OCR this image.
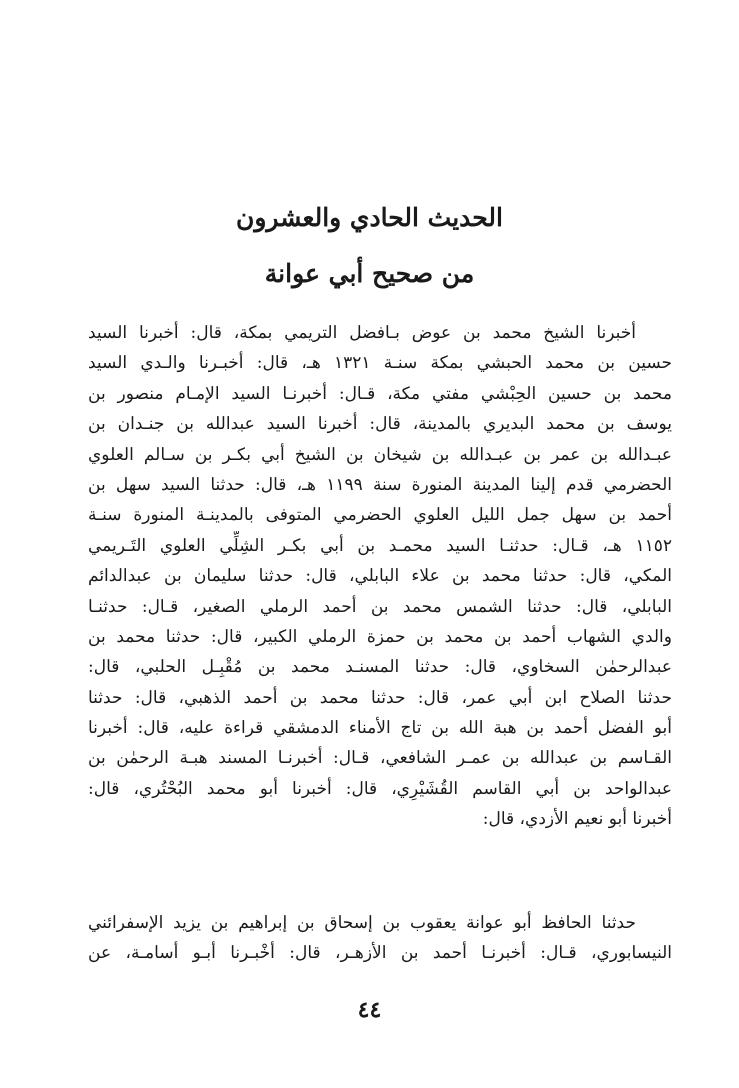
الحديث الحادي والعشرون
من صحيح أبي عوانة
أخبرنا الشيخ محمد بن عوض بـافضل التريمي بمكة، قال: أخبرنا السيد
حسين بن محمد الحبشي بمكة سنـة ١٣٢١ هـ، قال: أخبـرنا والـدي السيد
محمد بن حسين الحِبْشي مفتي مكة، قـال: أخبرنـا السيد الإمـام منصور بن
يوسف بن محمد البديري بالمدينة، قال: أخبرنا السيد عبدالله بن جنـدان بن
عبـدالله بن عمر بن عبـدالله بن شيخان بن الشيخ أبي بكـر بن سـالم العلوي
الحضرمي قدم إلينا المدينة المنورة سنة ١١٩٩ هـ، قال: حدثنا السيد سهل بن
أحمد بن سهل جمل الليل العلوي الحضرمي المتوفى بالمدينـة المنورة سنـة
١١٥٢ هـ، قـال: حدثنـا السيد محمـد بن أبي بكـر الشِلِّي العلوي التَـريمي
المكي، قال: حدثنا محمد بن علاء البابلي، قال: حدثنا سليمان بن عبدالدائم
البابلي، قال: حدثنا الشمس محمد بن أحمد الرملي الصغير، قـال: حدثنـا
والدي الشهاب أحمد بن محمد بن حمزة الرملي الكبير، قال: حدثنا محمد بن
عبدالرحمٰن السخاوي، قال: حدثنا المسنـد محمد بن مُقْبِـل الحلبي، قال:
حدثنا الصلاح ابن أبي عمر، قال: حدثنا محمد بن أحمد الذهبي، قال: حدثنا
أبو الفضل أحمد بن هبة الله بن تاج الأمناء الدمشقي قراءة عليه، قال: أخبرنا
القـاسم بن عبدالله بن عمـر الشافعي، قـال: أخبرنـا المسند هبـة الرحمٰن بن
عبدالواحد بن أبي القاسم القُشَيْرِي، قال: أخبرنا أبو محمد البُحْتُري، قال:
أخبرنا أبو نعيم الأزدي، قال:
حدثنا الحافظ أبو عوانة يعقوب بن إسحاق بن إبراهيم بن يزيد الإسفرائني
النيسابوري، قـال: أخبرنـا أحمد بن الأزهـر، قال: أخْبـرنا أبـو أسامـة، عن
٤٤
